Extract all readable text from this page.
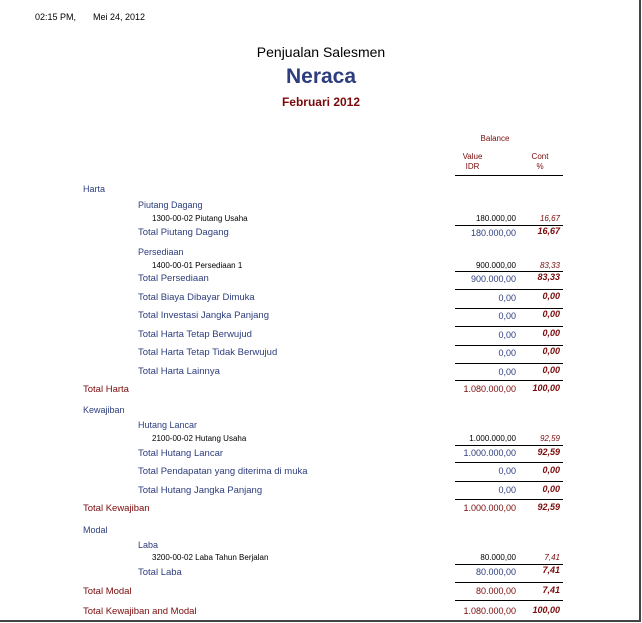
02:15 PM, Mei 24, 2012
Penjualan Salesmen
Neraca
Februari 2012
Balance
Value
IDR
Cont
%
Harta
Piutang Dagang
1300-00-02 Piutang Usaha	180.000,00	16,67
Total Piutang Dagang	180.000,00 16,67
Persediaan
1400-00-01 Persediaan 1	900.000,00	83,33
Total Persediaan	900.000,00 83,33
Total Biaya Dibayar Dimuka	0,00	0,00
Total Investasi Jangka Panjang	0,00	0,00
Total Harta Tetap Berwujud	0,00	0,00
Total Harta Tetap Tidak Berwujud	0,00	0,00
Total Harta Lainnya	0,00	0,00
Total Harta	1.080.000,00 100,00
Kewajiban
Hutang Lancar
2100-00-02 Hutang Usaha	1.000.000,00	92,59
Total Hutang Lancar	1.000.000,00 92,59
Total Pendapatan yang diterima di muka	0,00	0,00
Total Hutang Jangka Panjang	0,00	0,00
Total Kewajiban	1.000.000,00 92,59
Modal
Laba
3200-00-02 Laba Tahun Berjalan	80.000,00	7,41
Total Laba	80.000,00	7,41
Total Modal	80.000,00	7,41
Total Kewajiban and Modal	1.080.000,00 100,00
